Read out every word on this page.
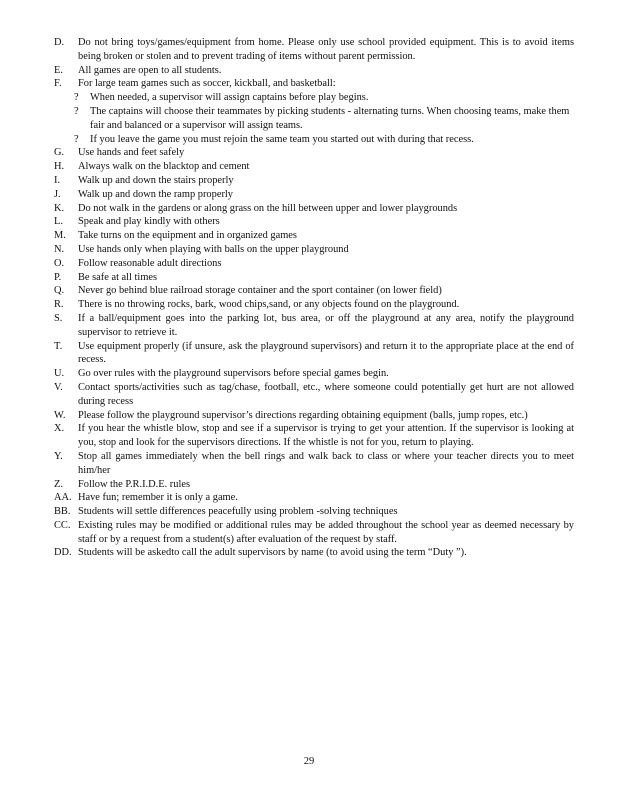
D.	Do not bring toys/games/equipment from home. Please only use school provided equipment. This is to avoid items being broken or stolen and to prevent trading of items without parent permission.
E.	All games are open to all students.
F.	For large team games such as soccer, kickball, and basketball:
? When needed, a supervisor will assign captains before play begins.
? The captains will choose their teammates by picking students - alternating turns. When choosing teams, make them fair and balanced or a supervisor will assign teams.
? If you leave the game you must rejoin the same team you started out with during that recess.
G.	Use hands and feet safely
H.	Always walk on the blacktop and cement
I.	Walk up and down the stairs properly
J.	Walk up and down the ramp properly
K.	Do not walk in the gardens or along grass on the hill between upper and lower playgrounds
L.	Speak and play kindly with others
M.	Take turns on the equipment and in organized games
N.	Use hands only when playing with balls on the upper playground
O.	Follow reasonable adult directions
P.	Be safe at all times
Q.	Never go behind blue railroad storage container and the sport container (on lower field)
R.	There is no throwing rocks, bark, wood chips,sand, or any objects found on the playground.
S.	If a ball/equipment goes into the parking lot, bus area, or off the playground at any area, notify the playground supervisor to retrieve it.
T.	Use equipment properly (if unsure, ask the playground supervisors) and return it to the appropriate place at the end of recess.
U.	Go over rules with the playground supervisors before special games begin.
V.	Contact sports/activities such as tag/chase, football, etc., where someone could potentially get hurt are not allowed during recess
W.	Please follow the playground supervisor’s directions regarding obtaining equipment (balls, jump ropes, etc.)
X.	If you hear the whistle blow, stop and see if a supervisor is trying to get your attention. If the supervisor is looking at you, stop and look for the supervisors directions. If the whistle is not for you, return to playing.
Y.	Stop all games immediately when the bell rings and walk back to class or where your teacher directs you to meet him/her
Z.	Follow the P.R.I.D.E. rules
AA. Have fun; remember it is only a game.
BB. Students will settle differences peacefully using problem -solving techniques
CC. Existing rules may be modified or additional rules may be added throughout the school year as deemed necessary by staff or by a request from a student(s) after evaluation of the request by staff.
DD. Students will be askedto call the adult supervisors by name (to avoid using the term “Duty ”).
29
